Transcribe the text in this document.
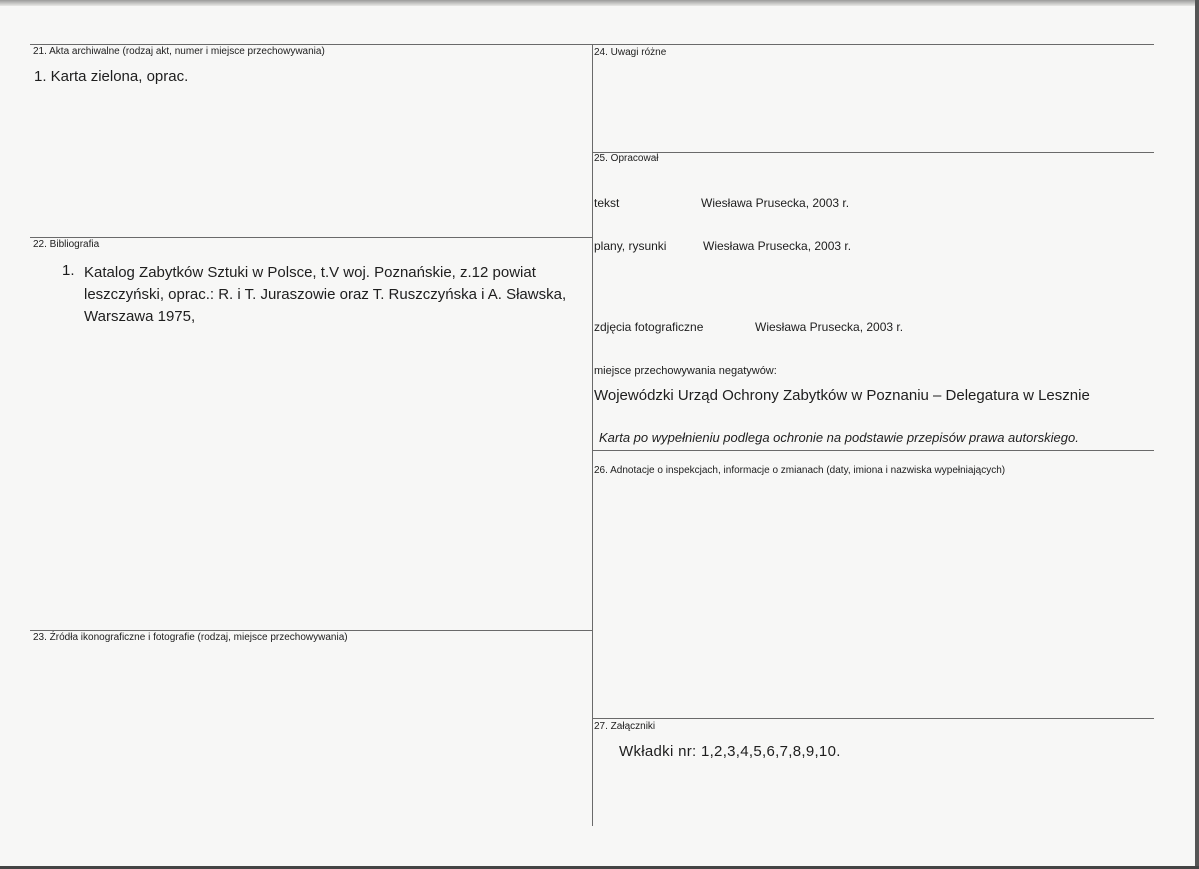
21. Akta archiwalne (rodzaj akt, numer i miejsce przechowywania)
1. Karta zielona, oprac.
22. Bibliografia
1. Katalog Zabytków Sztuki w Polsce, t.V woj. Poznańskie, z.12 powiat leszczyński, oprac.: R. i T. Juraszowie oraz T. Ruszczyńska i A. Sławska, Warszawa 1975,
23. Źródła ikonograficzne i fotografie (rodzaj, miejsce przechowywania)
24. Uwagi różne
25. Opracował
tekst	Wiesława Prusecka, 2003 r.
plany, rysunki	Wiesława Prusecka, 2003 r.
zdjęcia fotograficzne	Wiesława Prusecka, 2003 r.
miejsce przechowywania negatywów:
Wojewódzki Urząd Ochrony Zabytków w Poznaniu – Delegatura w Lesznie
Karta po wypełnieniu podlega ochronie na podstawie przepisów prawa autorskiego.
26. Adnotacje o inspekcjach, informacje o zmianach (daty, imiona i nazwiska wypełniających)
27. Załączniki
Wkładki nr: 1,2,3,4,5,6,7,8,9,10.
